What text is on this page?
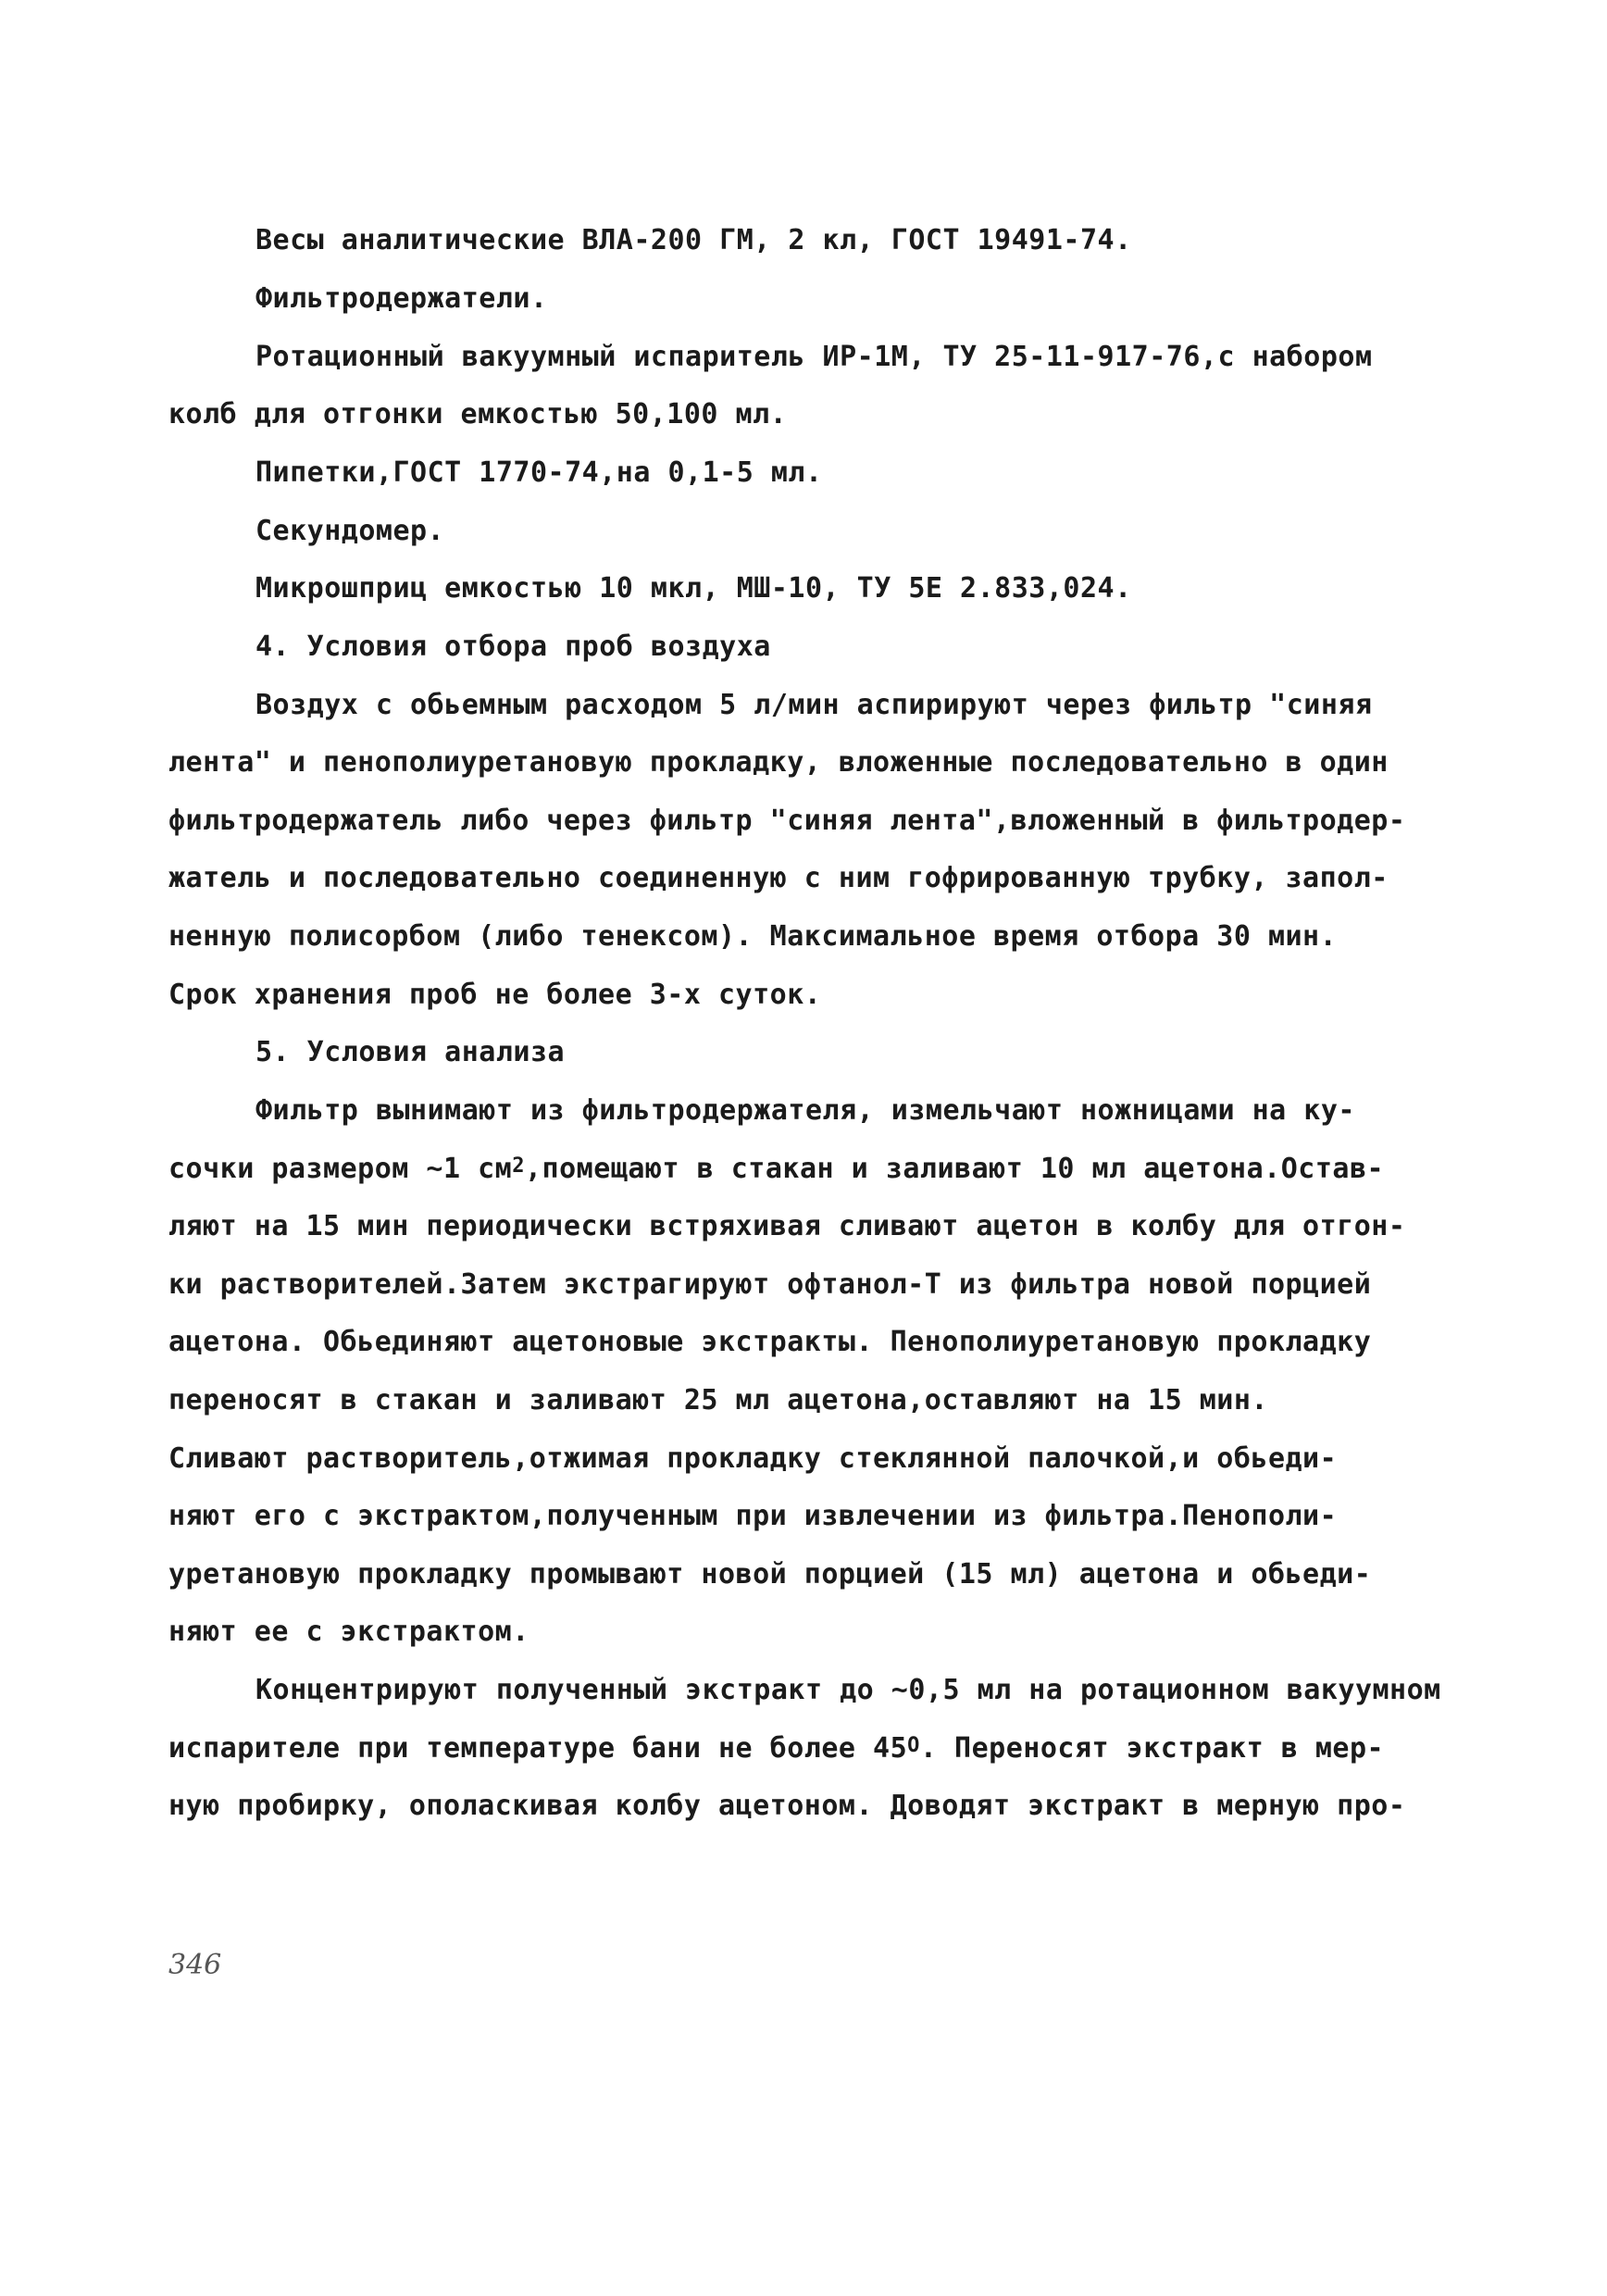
Весы аналитические ВЛА-200 ГМ, 2 кл, ГОСТ 19491-74.
Фильтродержатели.
Ротационный вакуумный испаритель ИР-1М, ТУ 25-11-917-76,с набором
колб для отгонки емкостью 50,100 мл.
Пипетки,ГОСТ 1770-74,на 0,1-5 мл.
Секундомер.
Микрошприц емкостью 10 мкл, МШ-10, ТУ 5Е 2.833,024.
4. Условия отбора проб воздуха
Воздух с обьемным расходом 5 л/мин аспирируют через фильтр "синяя
лента" и пенополиуретановую прокладку, вложенные последовательно в один
фильтродержатель либо через фильтр "синяя лента",вложенный в фильтродер-
жатель и последовательно соединенную с ним гофрированную трубку, запол-
ненную полисорбом (либо тенексом). Максимальное время отбора 30 мин.
Срок хранения проб не более 3-х суток.
5. Условия анализа
Фильтр вынимают из фильтродержателя, измельчают ножницами на ку-
сочки размером ~1 $см^2,помещают$ в стакан и заливают 10 мл ацетона.Остав-
ляют на 15 мин периодически встряхивая сливают ацетон в колбу для отгон-
ки растворителей.Затем экстрагируют офтанол-Т из фильтра новой порцией
ацетона. Обьединяют ацетоновые экстракты. Пенополиуретановую прокладку
переносят в стакан и заливают 25 мл ацетона,оставляют на 15 мин.
Сливают растворитель,отжимая прокладку стеклянной палочкой,и обьеди-
няют его с экстрактом,полученным при извлечении из фильтра.Пенополи-
уретановую прокладку промывают новой порцией (15 мл) ацетона и обьеди-
няют ее с экстрактом.
Концентрируют полученный экстракт до ~0,5 мл на ротационном вакуумном
испарителе при температуре бани не более $45^О$. Переносят экстракт в мер-
ную пробирку, ополаскивая колбу ацетоном. Доводят экстракт в мерную про-
346
